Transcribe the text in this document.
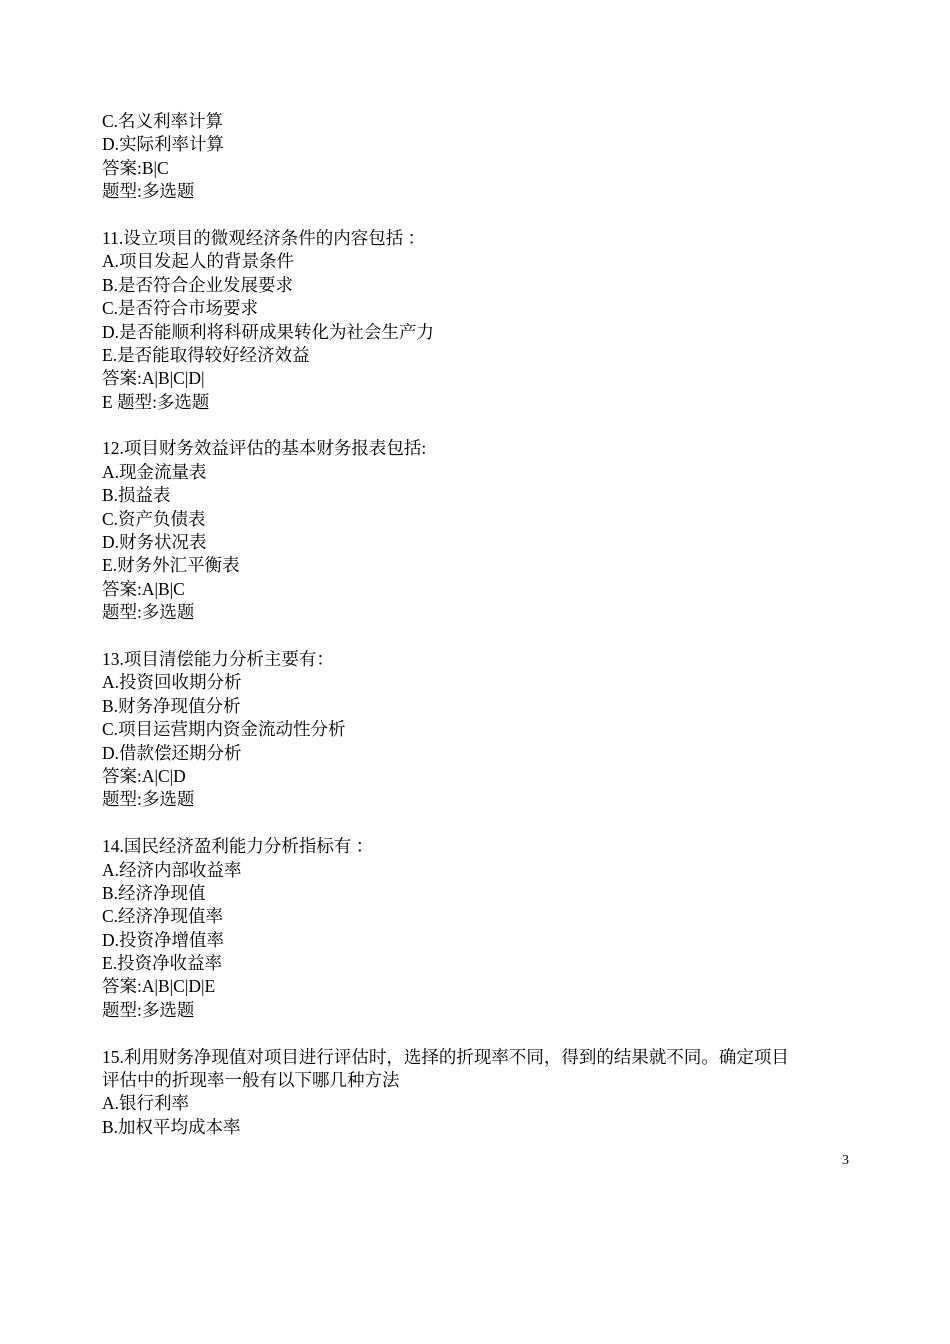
C.名义利率计算
D.实际利率计算
答案:B|C
题型:多选题
11.设立项目的微观经济条件的内容包括 ：
A.项目发起人的背景条件
B.是否符合企业发展要求
C.是否符合市场要求
D.是否能顺利将科研成果转化为社会生产力
E.是否能取得较好经济效益
答案:A|B|C|D|
E 题型:多选题
12.项目财务效益评估的基本财务报表包括:
A.现金流量表
B.损益表
C.资产负债表
D.财务状况表
E.财务外汇平衡表
答案:A|B|C
题型:多选题
13.项目清偿能力分析主要有：
A.投资回收期分析
B.财务净现值分析
C.项目运营期内资金流动性分析
D.借款偿还期分析
答案:A|C|D
题型:多选题
14.国民经济盈利能力分析指标有 ：
A.经济内部收益率
B.经济净现值
C.经济净现值率
D.投资净增值率
E.投资净收益率
答案:A|B|C|D|E
题型:多选题
15.利用财务净现值对项目进行评估时，选择的折现率不同，得到的结果就不同。确定项目
评估中的折现率一般有以下哪几种方法
A.银行利率
B.加权平均成本率
3
